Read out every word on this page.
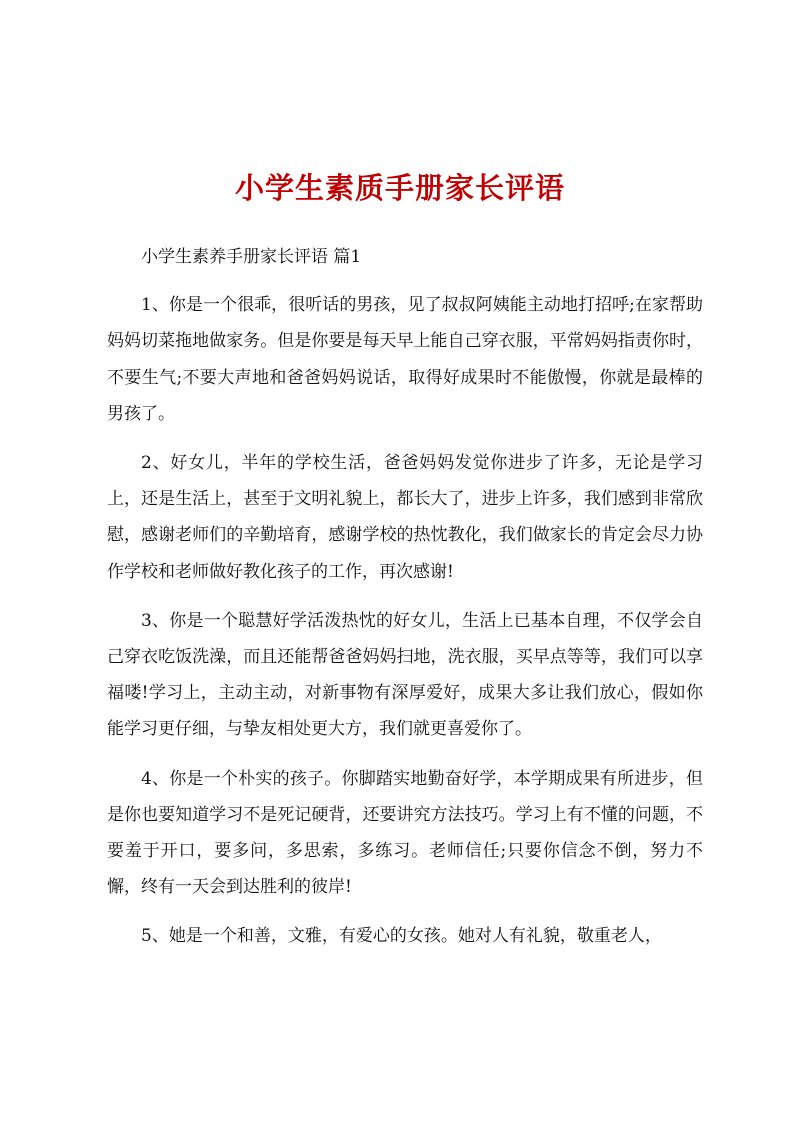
小学生素质手册家长评语

小学生素养手册家长评语 篇1

1、你是一个很乖，很听话的男孩，见了叔叔阿姨能主动地打招呼;在家帮助妈妈切菜拖地做家务。但是你要是每天早上能自己穿衣服，平常妈妈指责你时，不要生气;不要大声地和爸爸妈妈说话，取得好成果时不能傲慢，你就是最棒的男孩了。

2、好女儿，半年的学校生活，爸爸妈妈发觉你进步了许多，无论是学习上，还是生活上，甚至于文明礼貌上，都长大了，进步上许多，我们感到非常欣慰，感谢老师们的辛勤培育，感谢学校的热忱教化，我们做家长的肯定会尽力协作学校和老师做好教化孩子的工作，再次感谢!

3、你是一个聪慧好学活泼热忱的好女儿，生活上已基本自理，不仅学会自己穿衣吃饭洗澡，而且还能帮爸爸妈妈扫地，洗衣服，买早点等等，我们可以享福喽!学习上，主动主动，对新事物有深厚爱好，成果大多让我们放心，假如你能学习更仔细，与挚友相处更大方，我们就更喜爱你了。

4、你是一个朴实的孩子。你脚踏实地勤奋好学，本学期成果有所进步，但是你也要知道学习不是死记硬背，还要讲究方法技巧。学习上有不懂的问题，不要羞于开口，要多问，多思索，多练习。老师信任;只要你信念不倒，努力不懈，终有一天会到达胜利的彼岸!

5、她是一个和善，文雅，有爱心的女孩。她对人有礼貌，敬重老人，
